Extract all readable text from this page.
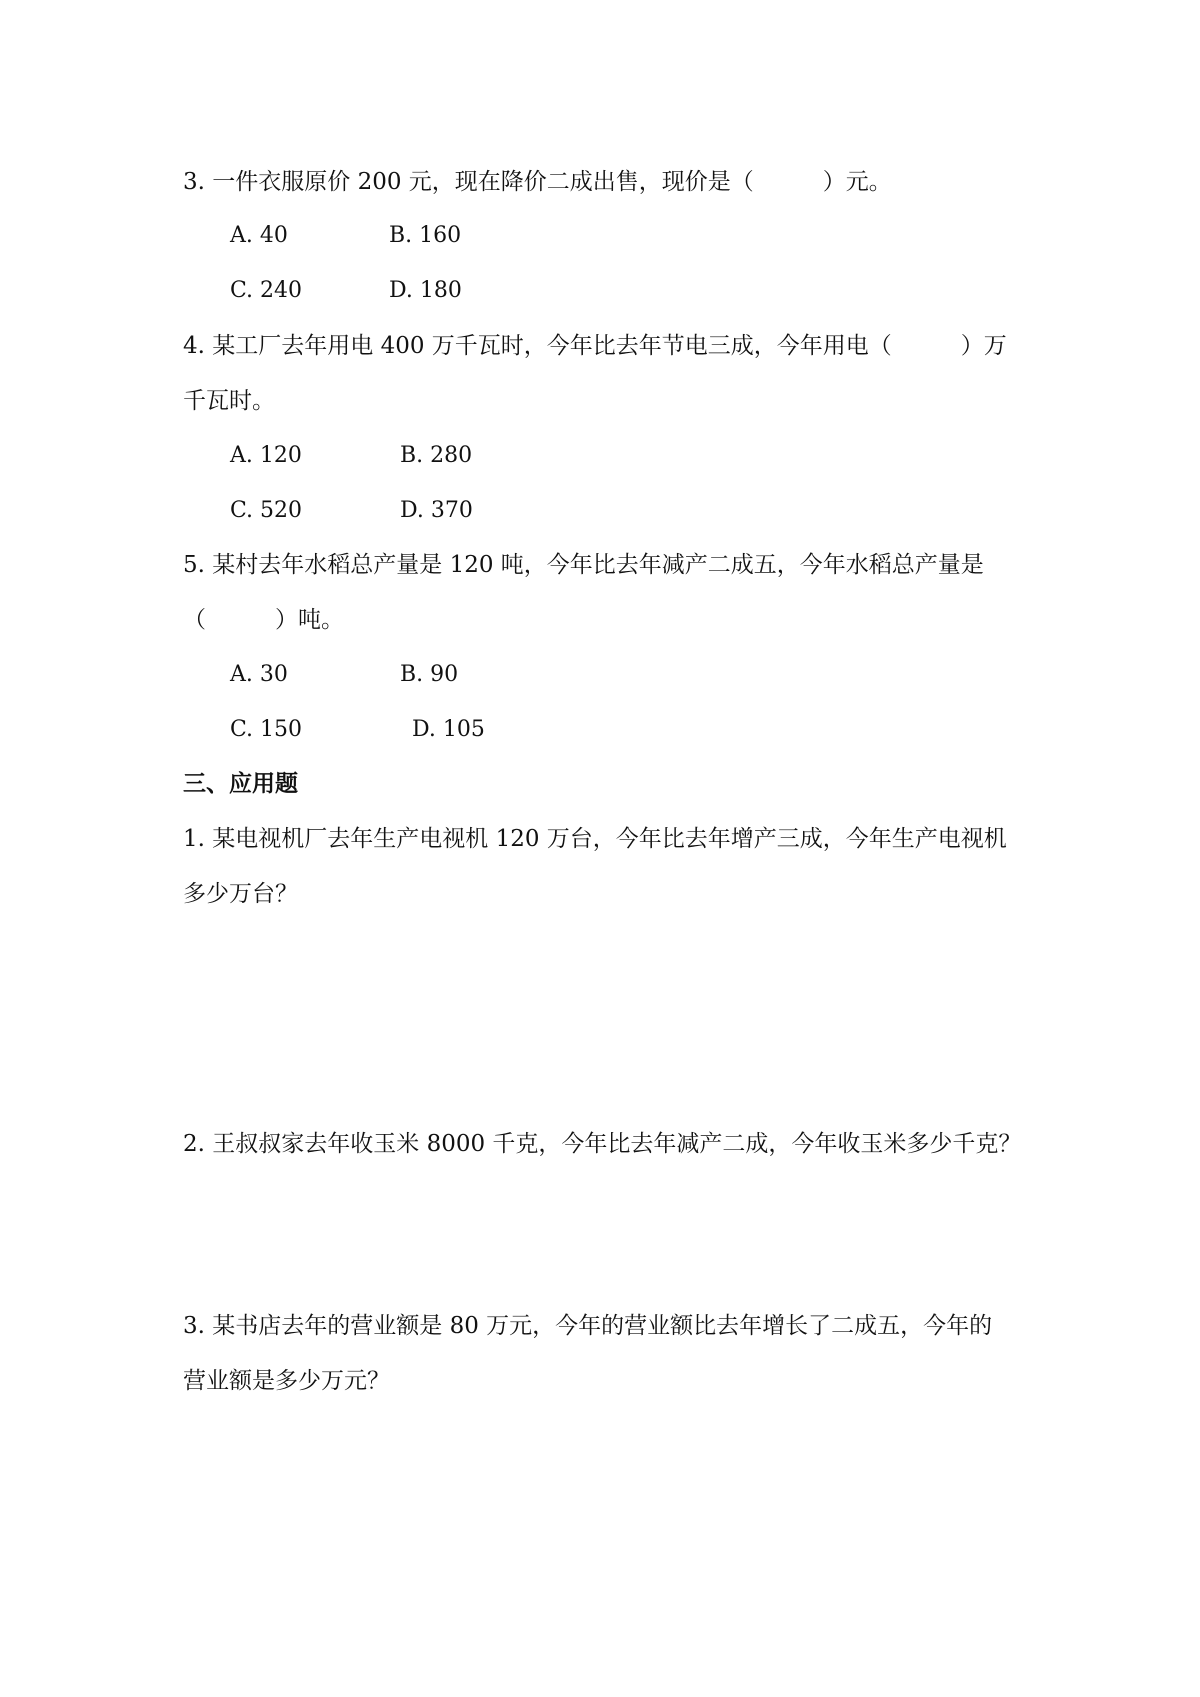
3. 一件衣服原价 200 元，现在降价二成出售，现价是（　　　）元。
A. 40	B. 160
C. 240	D. 180
4. 某工厂去年用电 400 万千瓦时，今年比去年节电三成，今年用电（　　　）万
千瓦时。
A. 120	B. 280
C. 520	D. 370
5. 某村去年水稻总产量是 120 吨，今年比去年减产二成五，今年水稻总产量是
（　　　）吨。
A. 30	B. 90
C. 150	D. 105
三、应用题
1. 某电视机厂去年生产电视机 120 万台，今年比去年增产三成，今年生产电视机
多少万台？
2. 王叔叔家去年收玉米 8000 千克，今年比去年减产二成，今年收玉米多少千克？
3. 某书店去年的营业额是 80 万元，今年的营业额比去年增长了二成五，今年的
营业额是多少万元？
